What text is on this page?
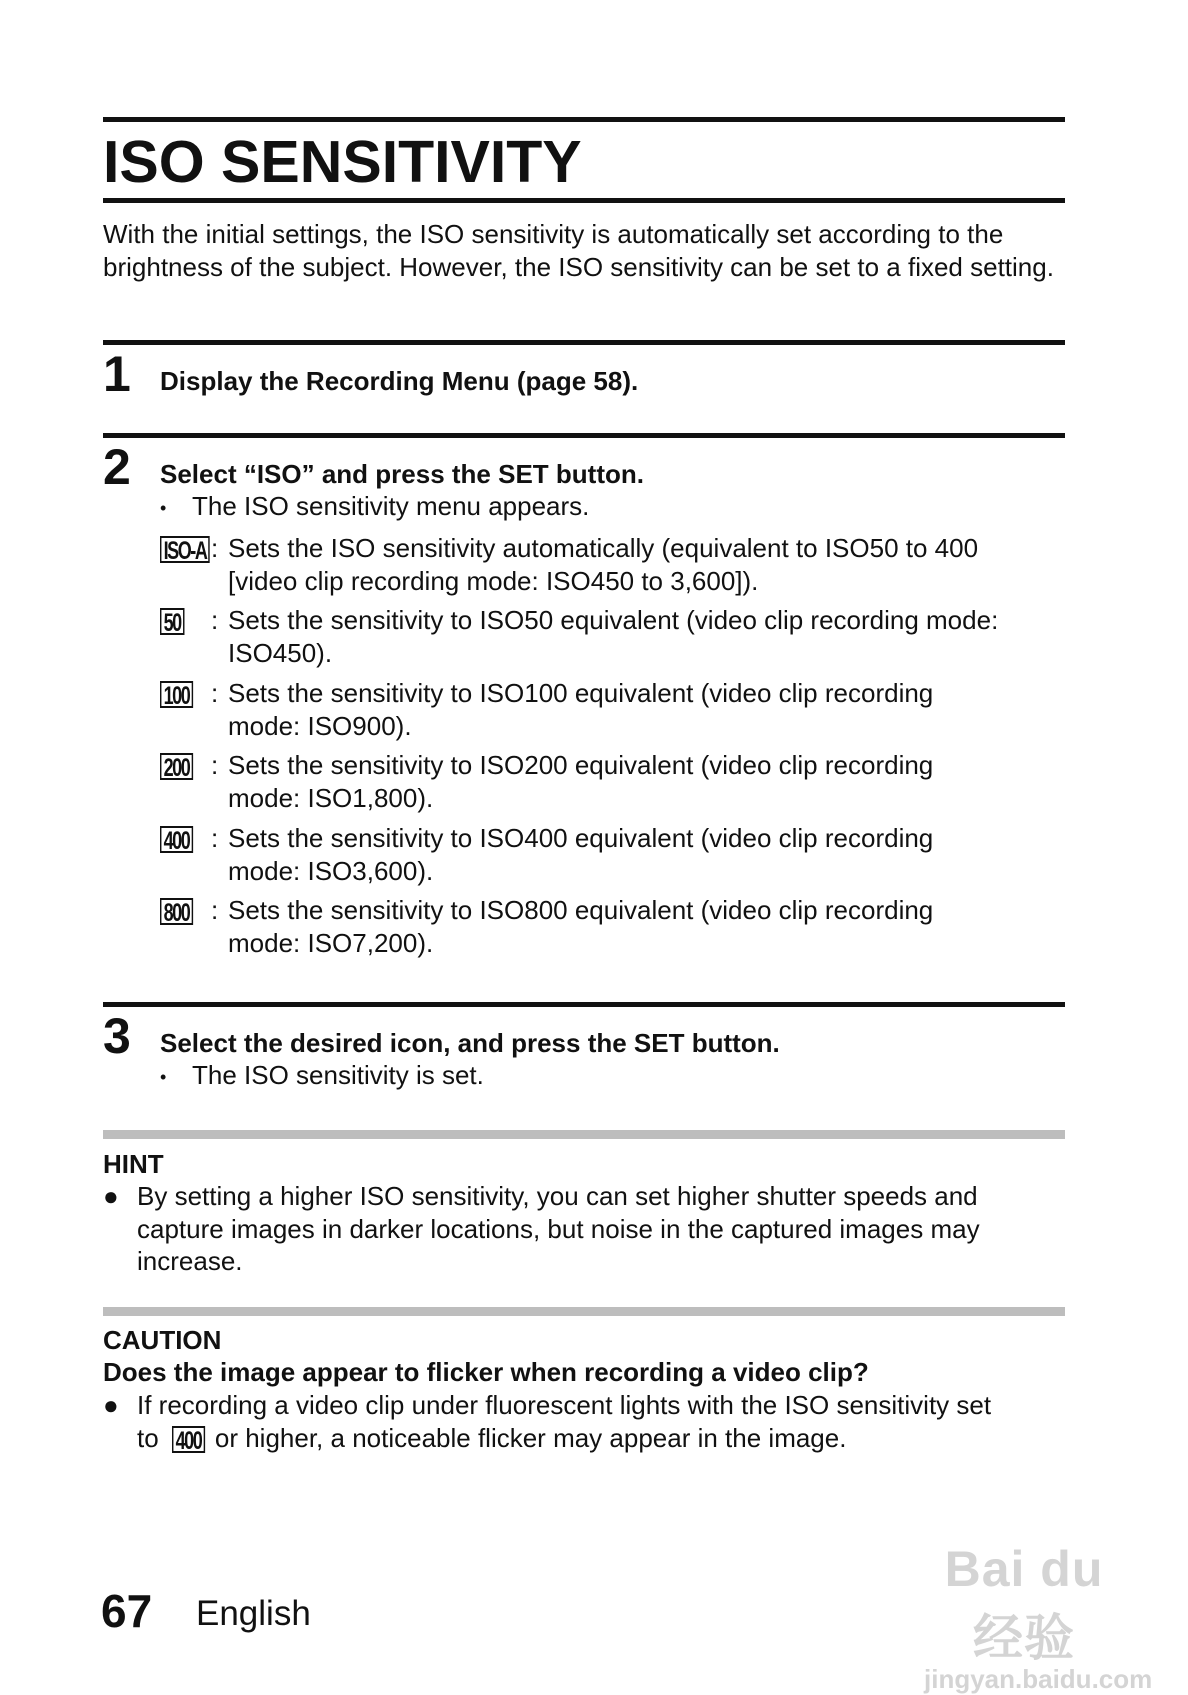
ISO SENSITIVITY
With the initial settings, the ISO sensitivity is automatically set according to the brightness of the subject. However, the ISO sensitivity can be set to a fixed setting.
1 Display the Recording Menu (page 58).
2 Select “ISO” and press the SET button.
• The ISO sensitivity menu appears.
ISO-A : Sets the ISO sensitivity automatically (equivalent to ISO50 to 400
[video clip recording mode: ISO450 to 3,600]).
50	: Sets the sensitivity to ISO50 equivalent (video clip recording mode:
ISO450).
100 : Sets the sensitivity to ISO100 equivalent (video clip recording
mode: ISO900).
200 : Sets the sensitivity to ISO200 equivalent (video clip recording
mode: ISO1,800).
400 : Sets the sensitivity to ISO400 equivalent (video clip recording
mode: ISO3,600).
800 : Sets the sensitivity to ISO800 equivalent (video clip recording
mode: ISO7,200).
3 Select the desired icon, and press the SET button.
• The ISO sensitivity is set.
HINT
● By setting a higher ISO sensitivity, you can set higher shutter speeds and capture images in darker locations, but noise in the captured images may increase.
CAUTION
Does the image appear to flicker when recording a video clip?
● If recording a video clip under fluorescent lights with the ISO sensitivity set
to 400 or higher, a noticeable flicker may appear in the image.
67 English
Bai du 经验
jingyan.baidu.com
